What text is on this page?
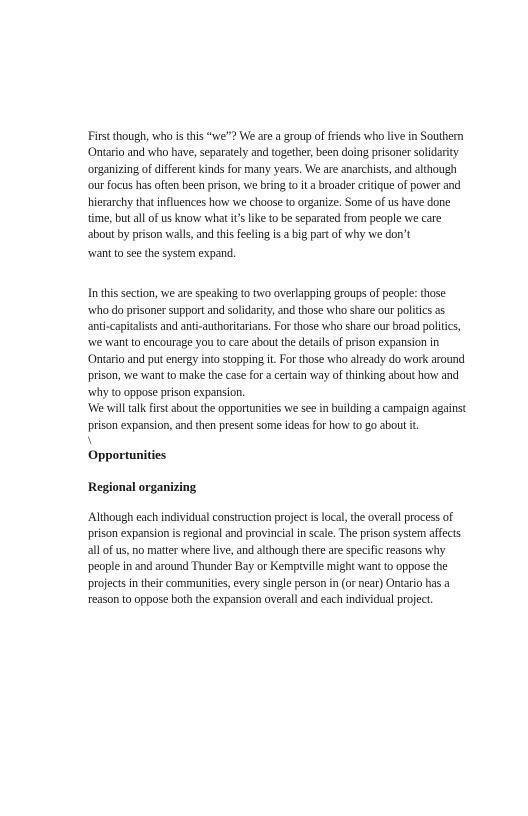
First though, who is this “we”? We are a group of friends who live in Southern Ontario and who have, separately and together, been doing prisoner solidarity organizing of different kinds for many years. We are anarchists, and although our focus has often been prison, we bring to it a broader critique of power and hierarchy that influences how we choose to organize. Some of us have done time, but all of us know what it’s like to be separated from people we care about by prison walls, and this feeling is a big part of why we don’t
want to see the system expand.

In this section, we are speaking to two overlapping groups of people: those who do prisoner support and solidarity, and those who share our politics as anti-capitalists and anti-authoritarians. For those who share our broad politics, we want to encourage you to care about the details of prison expansion in Ontario and put energy into stopping it. For those who already do work around prison, we want to make the case for a certain way of thinking about how and why to oppose prison expansion.

We will talk first about the opportunities we see in building a campaign against prison expansion, and then present some ideas for how to go about it.

\

Opportunities
Regional organizing

Although each individual construction project is local, the overall process of prison expansion is regional and provincial in scale. The prison system affects all of us, no matter where live, and although there are specific reasons why people in and around Thunder Bay or Kemptville might want to oppose the projects in their communities, every single person in (or near) Ontario has a reason to oppose both the expansion overall and each individual project.
